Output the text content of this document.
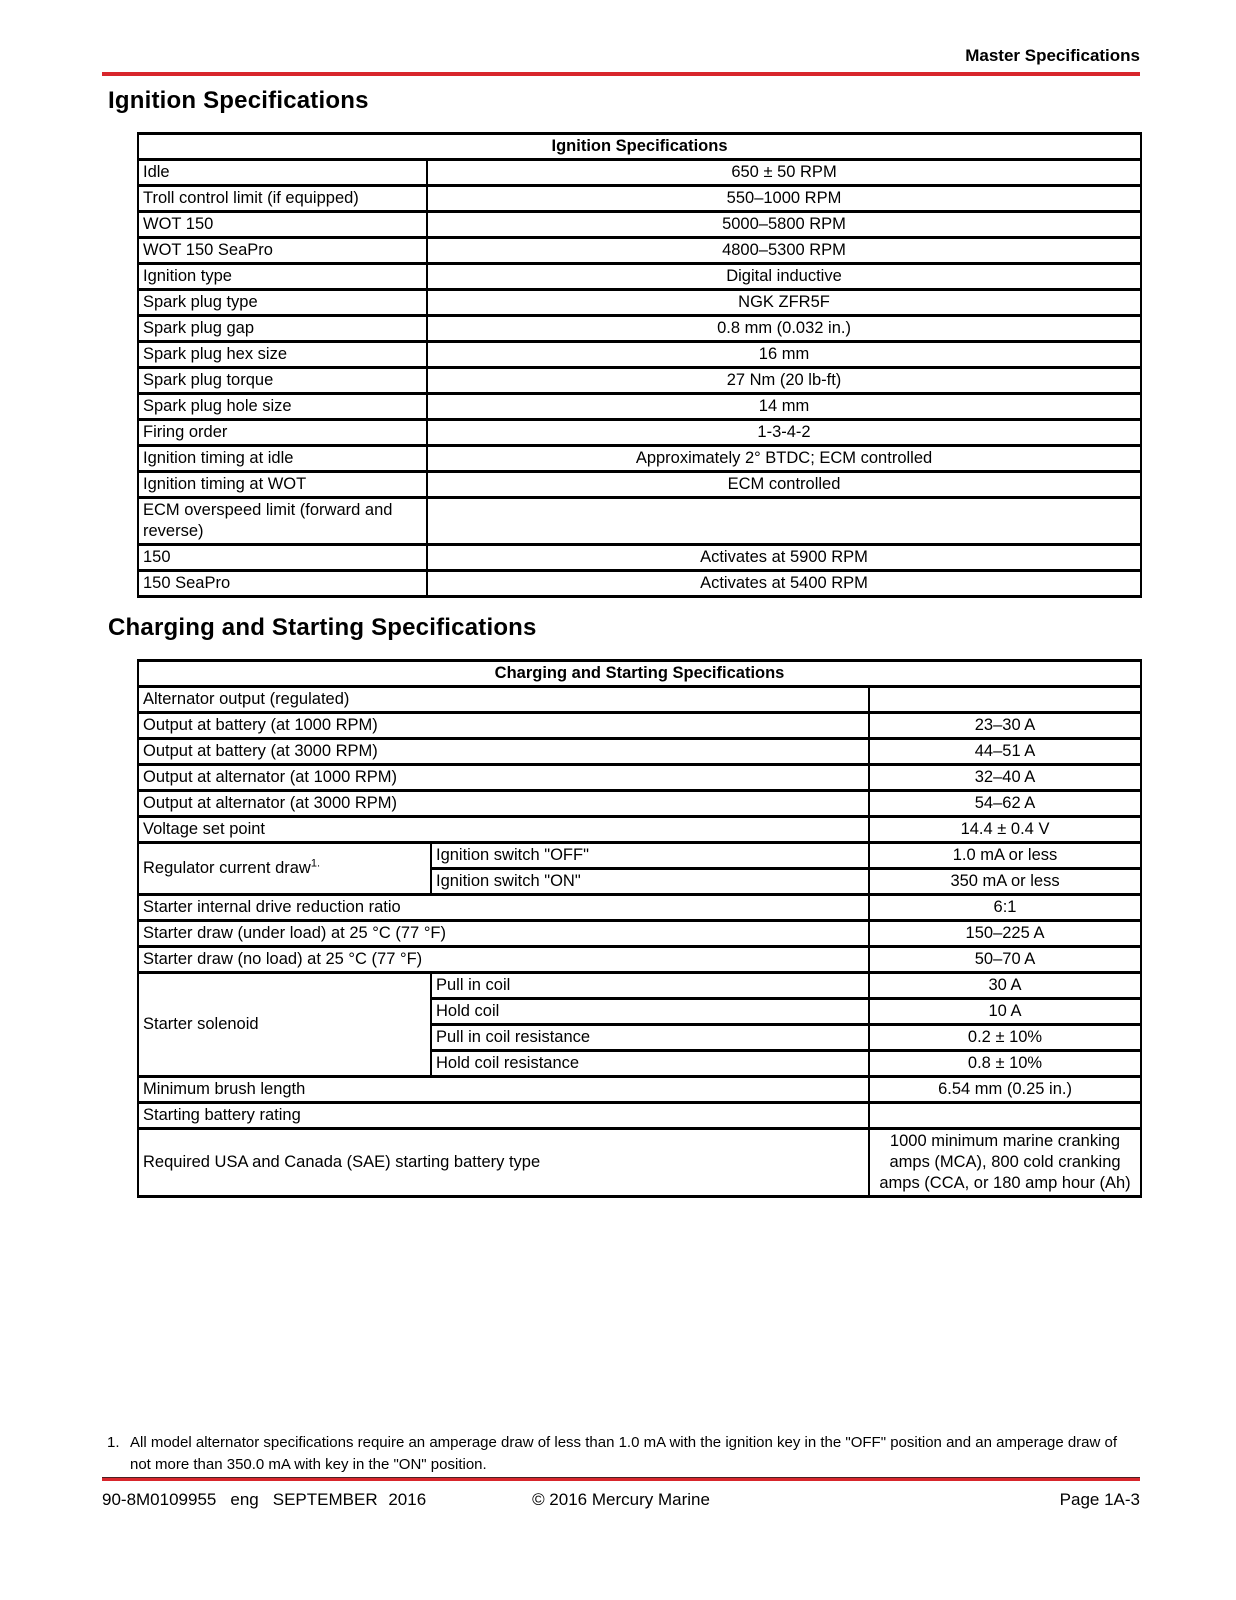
Master Specifications
Ignition Specifications
Ignition Specifications	
Idle	650 ± 50 RPM
Troll control limit (if equipped)	550–1000 RPM
WOT 150	5000–5800 RPM
WOT 150 SeaPro	4800–5300 RPM
Ignition type	Digital inductive
Spark plug type	NGK ZFR5F
Spark plug gap	0.8 mm (0.032 in.)
Spark plug hex size	16 mm
Spark plug torque	27 Nm (20 lb-ft)
Spark plug hole size	14 mm
Firing order	1-3-4-2
Ignition timing at idle	Approximately 2° BTDC; ECM controlled
Ignition timing at WOT	ECM controlled
ECM overspeed limit (forward and reverse)	
150	Activates at 5900 RPM
150 SeaPro	Activates at 5400 RPM
Charging and Starting Specifications
Charging and Starting Specifications		
Alternator output (regulated)		
Output at battery (at 1000 RPM)		23–30 A
Output at battery (at 3000 RPM)		44–51 A
Output at alternator (at 1000 RPM)		32–40 A
Output at alternator (at 3000 RPM)		54–62 A
Voltage set point		14.4 ± 0.4 V
Regulator current draw$^{1.}$	Ignition switch "OFF"	1.0 mA or less
	Ignition switch "ON"	350 mA or less
Starter internal drive reduction ratio		6:1
Starter draw (under load) at 25 °C (77 °F)		150–225 A
Starter draw (no load) at 25 °C (77 °F)		50–70 A
Starter solenoid	Pull in coil	30 A
	Hold coil	10 A
	Pull in coil resistance	0.2 ± 10%
	Hold coil resistance	0.8 ± 10%
Minimum brush length		6.54 mm (0.25 in.)
Starting battery rating		
Required USA and Canada (SAE) starting battery type		1000 minimum marine cranking amps (MCA), 800 cold cranking amps (CCA, or 180 amp hour (Ah)
1. All model alternator specifications require an amperage draw of less than 1.0 mA with the ignition key in the "OFF" position and an amperage draw of not more than 350.0 mA with key in the "ON" position.
90-8M0109955 eng SEPTEMBER 2016	© 2016 Mercury Marine	Page 1A-3
